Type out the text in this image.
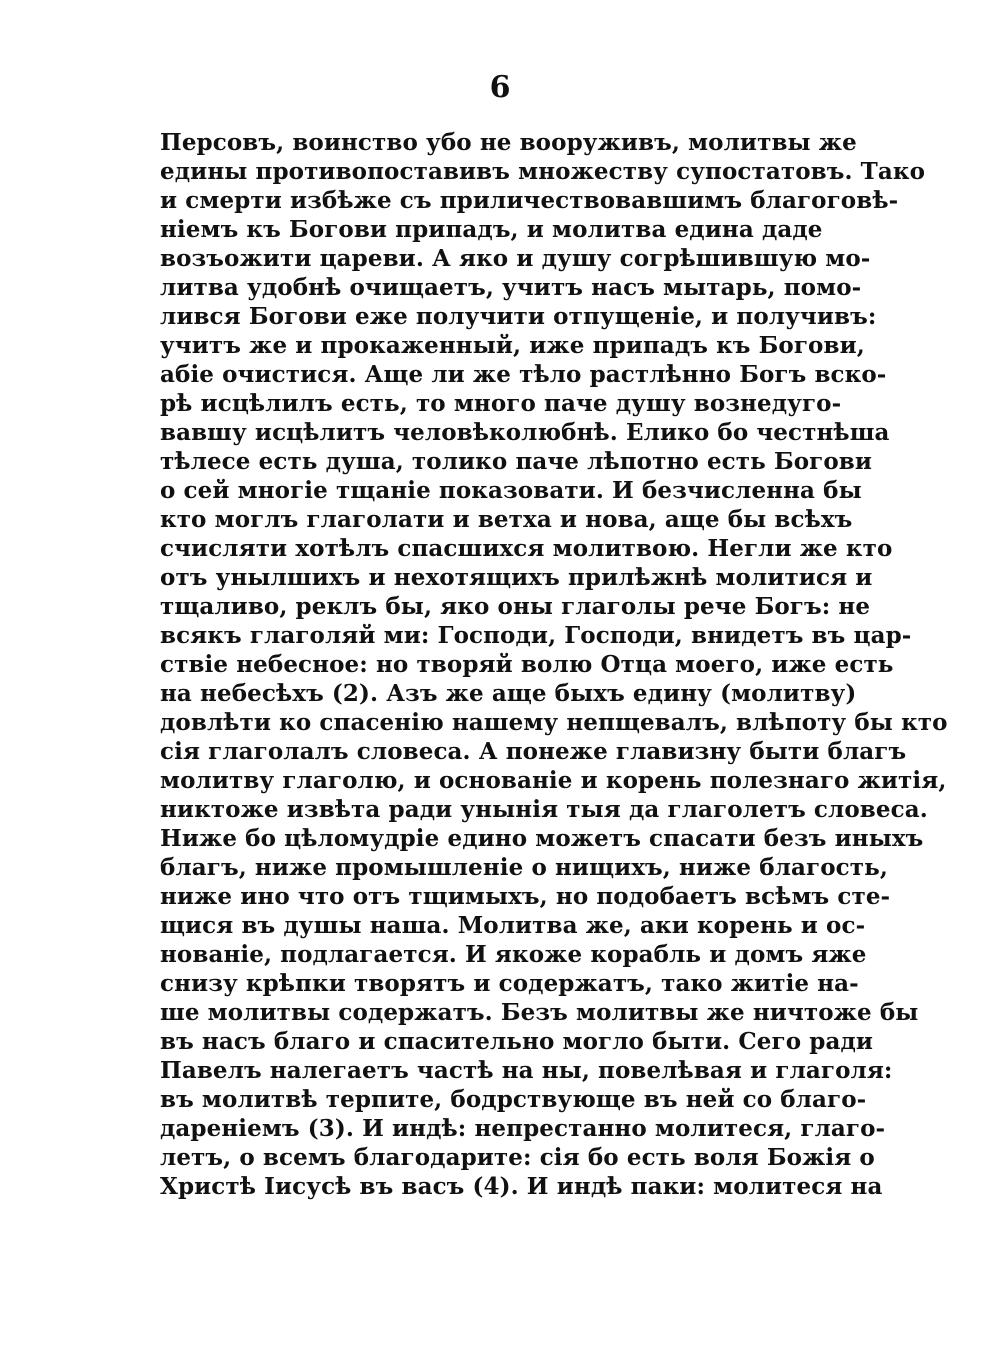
6
Персовъ, воинство убо не вооруживъ, молитвы же
едины противопоставивъ множеству супостатовъ. Тако
и смерти избѣже съ приличествовавшимъ благоговѣ-
ніемъ къ Богови припадъ, и молитва едина даде
возъожити цареви. А яко и душу согрѣшившую мо-
литва удобнѣ очищаетъ, учитъ насъ мытарь, помо-
лився Богови еже получити отпущеніе, и получивъ:
учитъ же и прокаженный, иже припадъ къ Богови,
абіе очистися. Аще ли же тѣло растлѣнно Богъ вско-
рѣ исцѣлилъ есть, то много паче душу вознедуго-
вавшу исцѣлитъ человѣколюбнѣ. Елико бо честнѣша
тѣлесе есть душа, толико паче лѣпотно есть Богови
о сей многіе тщаніе показовати. И безчисленна бы
кто моглъ глаголати и ветха и нова, аще бы всѣхъ
счисляти хотѣлъ спасшихся молитвою. Негли же кто
отъ унылшихъ и нехотящихъ прилѣжнѣ молитися и
тщаливо, реклъ бы, яко оны глаголы рече Богъ: не
всякъ глаголяй ми: Господи, Господи, внидетъ въ цар-
ствіе небесное: но творяй волю Отца моего, иже есть
на небесѣхъ (2). Азъ же аще быхъ едину (молитву)
довлѣти ко спасенію нашему непщевалъ, влѣпоту бы кто
сія глаголалъ словеса. А понеже главизну быти благъ
молитву глаголю, и основаніе и корень полезнаго житія,
никтоже извѣта ради унынія тыя да глаголетъ словеса.
Ниже бо цѣломудріе едино можетъ спасати безъ иныхъ
благъ, ниже промышленіе о нищихъ, ниже благость,
ниже ино что отъ тщимыхъ, но подобаетъ всѣмъ сте-
щися въ душы наша. Молитва же, аки корень и ос-
нованіе, подлагается. И якоже корабль и домъ яже
снизу крѣпки творятъ и содержатъ, тако житіе на-
ше молитвы содержатъ. Безъ молитвы же ничтоже бы
въ насъ благо и спасительно могло быти. Сего ради
Павелъ налегаетъ частѣ на ны, повелѣвая и глаголя:
въ молитвѣ терпите, бодрствующе въ ней со благо-
дареніемъ (3). И индѣ: непрестанно молитеся, глаго-
летъ, о всемъ благодарите: сія бо есть воля Божія о
Христѣ Іисусѣ въ васъ (4). И индѣ паки: молитеся на
